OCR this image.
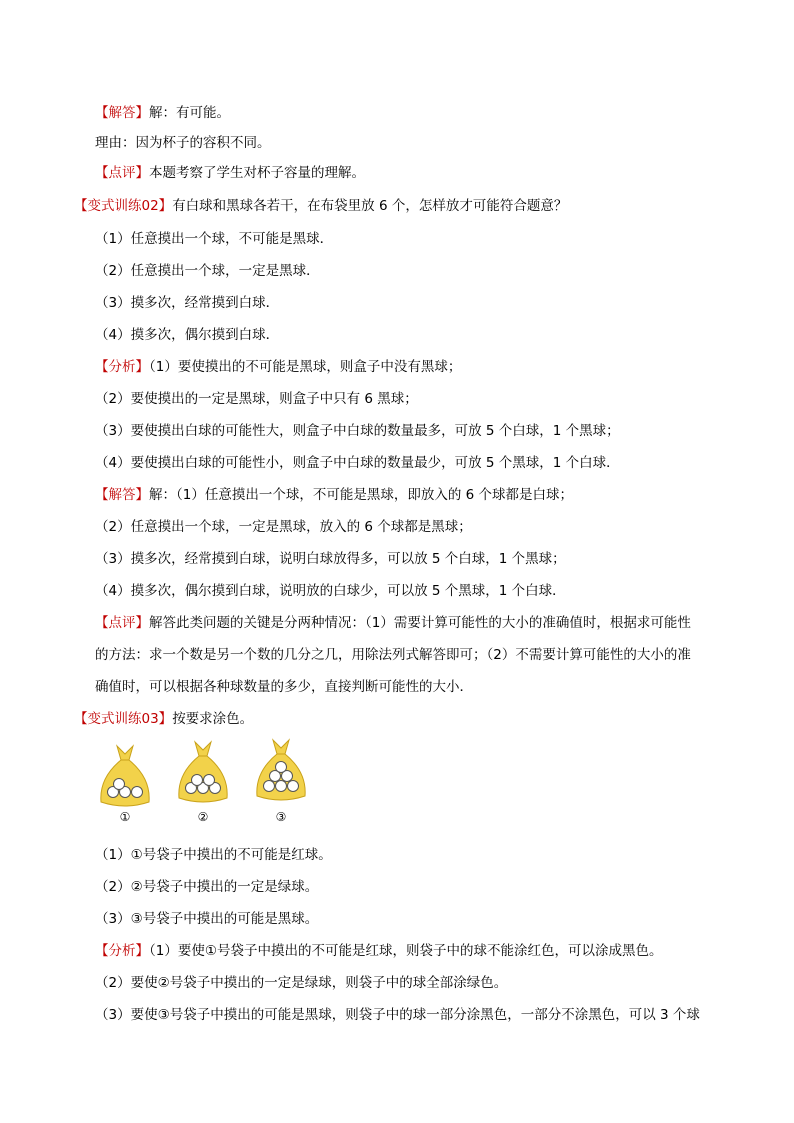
【解答】解：有可能。
理由：因为杯子的容积不同。
【点评】本题考察了学生对杯子容量的理解。
【变式训练02】有白球和黑球各若干，在布袋里放 6 个，怎样放才可能符合题意？
（1）任意摸出一个球，不可能是黑球．
（2）任意摸出一个球，一定是黑球．
（3）摸多次，经常摸到白球．
（4）摸多次，偶尔摸到白球．
【分析】（1）要使摸出的不可能是黑球，则盒子中没有黑球；
（2）要使摸出的一定是黑球，则盒子中只有 6 黑球；
（3）要使摸出白球的可能性大，则盒子中白球的数量最多，可放 5 个白球，1 个黑球；
（4）要使摸出白球的可能性小，则盒子中白球的数量最少，可放 5 个黑球，1 个白球．
【解答】解：（1）任意摸出一个球，不可能是黑球，即放入的 6 个球都是白球；
（2）任意摸出一个球，一定是黑球，放入的 6 个球都是黑球；
（3）摸多次，经常摸到白球，说明白球放得多，可以放 5 个白球，1 个黑球；
（4）摸多次，偶尔摸到白球，说明放的白球少，可以放 5 个黑球，1 个白球．
【点评】解答此类问题的关键是分两种情况：（1）需要计算可能性的大小的准确值时，根据求可能性
的方法：求一个数是另一个数的几分之几，用除法列式解答即可；（2）不需要计算可能性的大小的准
确值时，可以根据各种球数量的多少，直接判断可能性的大小．
【变式训练03】按要求涂色。
①	②	③
（1）①号袋子中摸出的不可能是红球。
（2）②号袋子中摸出的一定是绿球。
（3）③号袋子中摸出的可能是黑球。
【分析】（1）要使①号袋子中摸出的不可能是红球，则袋子中的球不能涂红色，可以涂成黑色。
（2）要使②号袋子中摸出的一定是绿球，则袋子中的球全部涂绿色。
（3）要使③号袋子中摸出的可能是黑球，则袋子中的球一部分涂黑色，一部分不涂黑色，可以 3 个球
